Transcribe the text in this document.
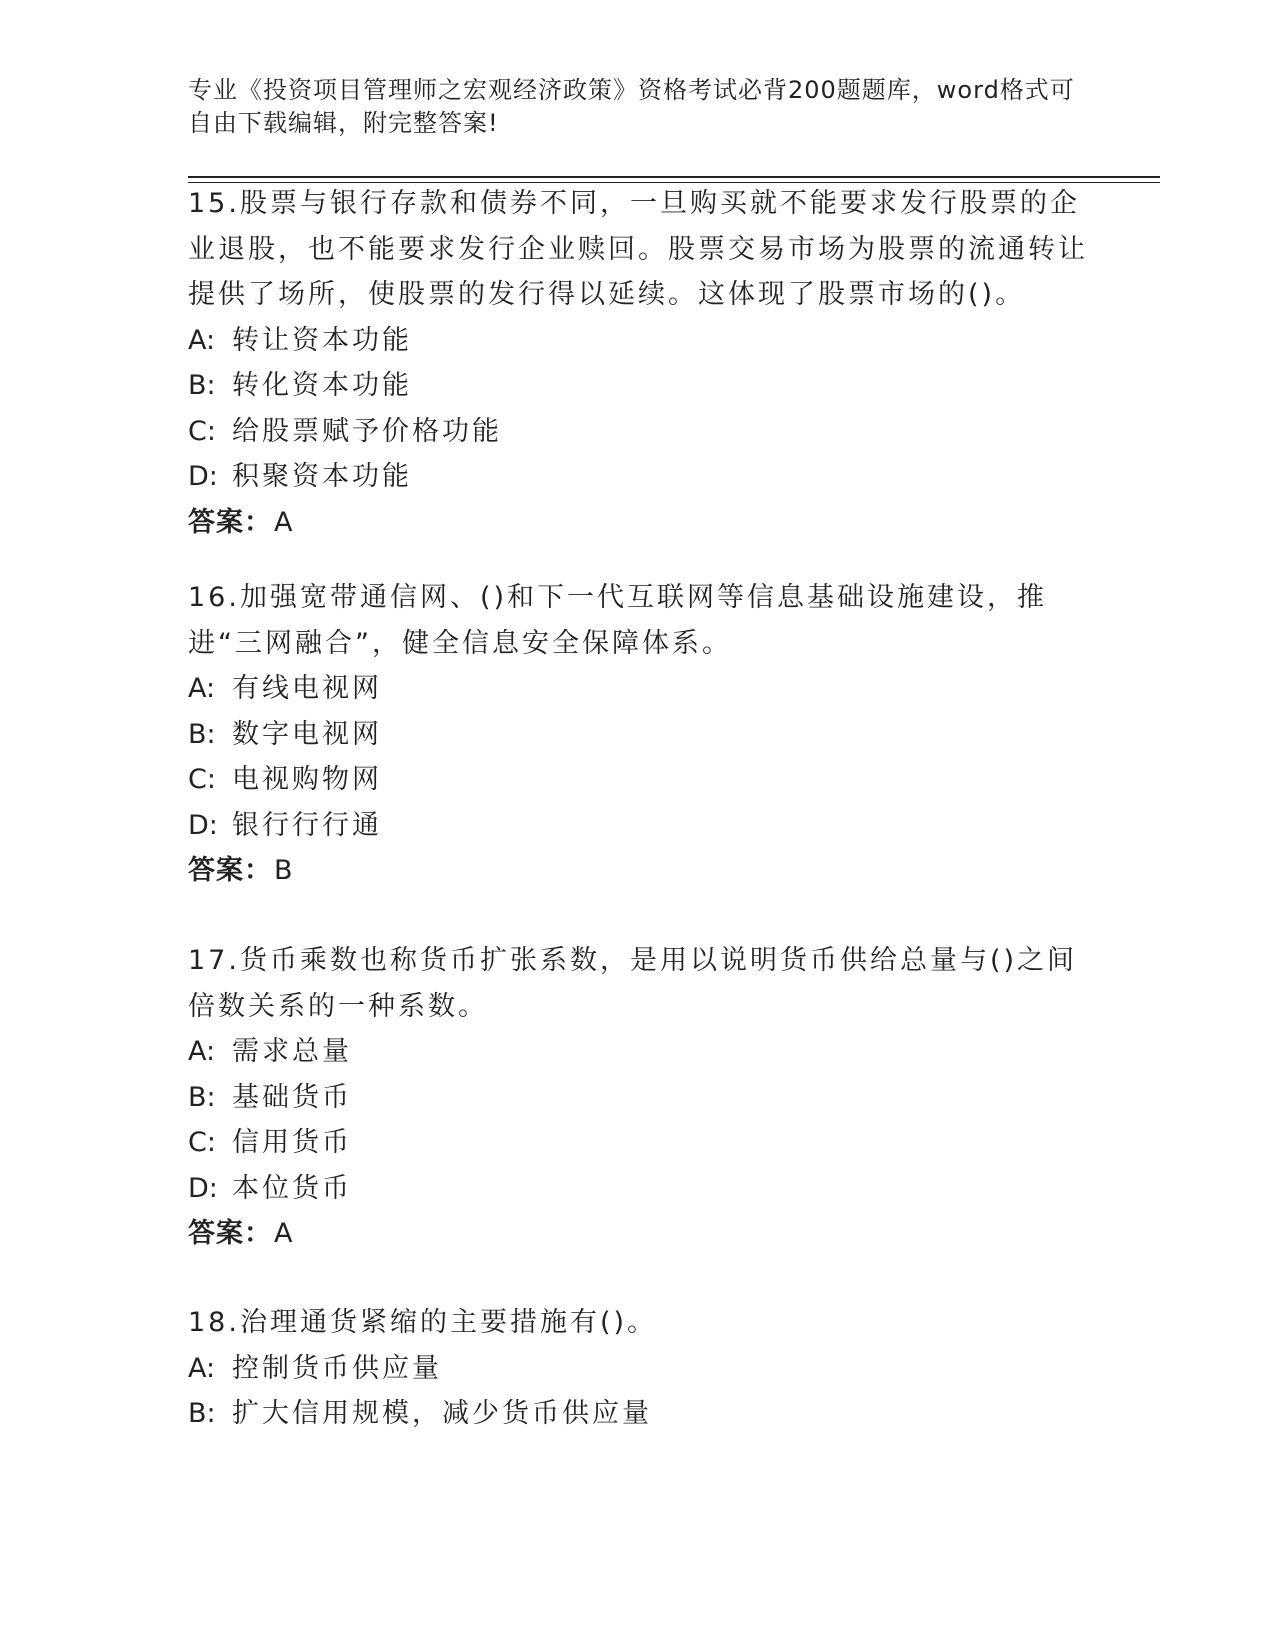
专业《投资项目管理师之宏观经济政策》资格考试必背200题题库，word格式可
自由下载编辑，附完整答案!
15.股票与银行存款和债券不同，一旦购买就不能要求发行股票的企业退股，也不能要求发行企业赎回。股票交易市场为股票的流通转让提供了场所，使股票的发行得以延续。这体现了股票市场的()。
A: 转让资本功能
B: 转化资本功能
C: 给股票赋予价格功能
D: 积聚资本功能
答案：A
16.加强宽带通信网、()和下一代互联网等信息基础设施建设，推进“三网融合”，健全信息安全保障体系。
A: 有线电视网
B: 数字电视网
C: 电视购物网
D: 银行行行通
答案：B
17.货币乘数也称货币扩张系数，是用以说明货币供给总量与()之间倍数关系的一种系数。
A: 需求总量
B: 基础货币
C: 信用货币
D: 本位货币
答案：A
18.治理通货紧缩的主要措施有()。
A: 控制货币供应量
B: 扩大信用规模，减少货币供应量
